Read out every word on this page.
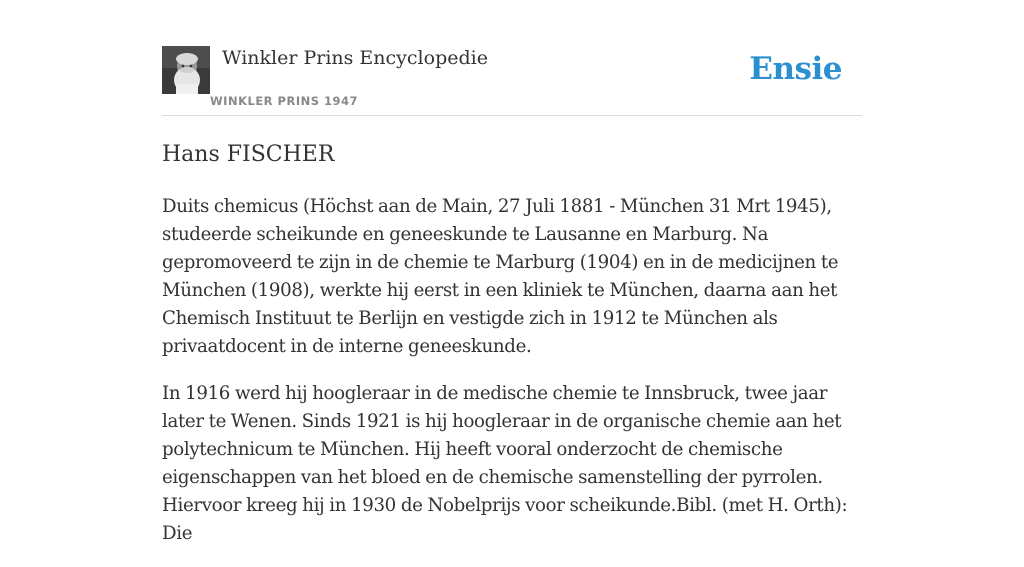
Winkler Prins Encyclopedie
WINKLER PRINS 1947
Ensie
Hans FISCHER

Duits chemicus (Höchst aan de Main, 27 Juli 1881 - München 31 Mrt 1945), studeerde scheikunde en geneeskunde te Lausanne en Marburg. Na gepromoveerd te zijn in de chemie te Marburg (1904) en in de medicijnen te München (1908), werkte hij eerst in een kliniek te München, daarna aan het Chemisch Instituut te Berlijn en vestigde zich in 1912 te München als privaatdocent in de interne geneeskunde.

In 1916 werd hij hoogleraar in de medische chemie te Innsbruck, twee jaar later te Wenen. Sinds 1921 is hij hoogleraar in de organische chemie aan het polytechnicum te München. Hij heeft vooral onderzocht de chemische eigenschappen van het bloed en de chemische samenstelling der pyrrolen. Hiervoor kreeg hij in 1930 de Nobelprijs voor scheikunde.Bibl. (met H. Orth): Die
